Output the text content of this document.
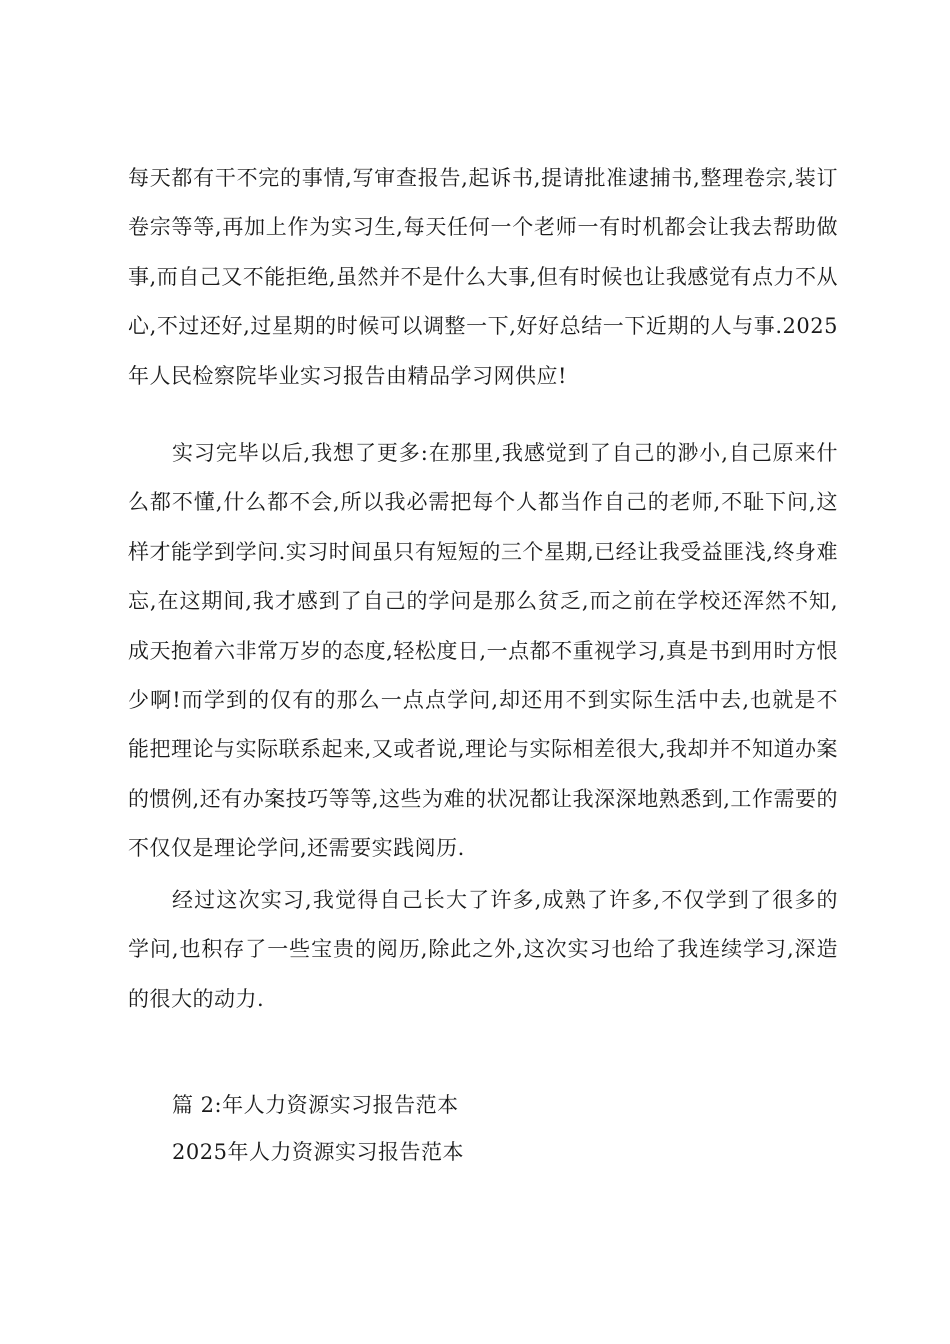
每天都有干不完的事情,写审查报告,起诉书,提请批准逮捕书,整理卷宗,装订卷宗等等,再加上作为实习生,每天任何一个老师一有时机都会让我去帮助做事,而自己又不能拒绝,虽然并不是什么大事,但有时候也让我感觉有点力不从心,不过还好,过星期的时候可以调整一下,好好总结一下近期的人与事.2025年人民检察院毕业实习报告由精品学习网供应!

实习完毕以后,我想了更多:在那里,我感觉到了自己的渺小,自己原来什么都不懂,什么都不会,所以我必需把每个人都当作自己的老师,不耻下问,这样才能学到学问.实习时间虽只有短短的三个星期,已经让我受益匪浅,终身难忘,在这期间,我才感到了自己的学问是那么贫乏,而之前在学校还浑然不知,成天抱着六非常万岁的态度,轻松度日,一点都不重视学习,真是书到用时方恨少啊!而学到的仅有的那么一点点学问,却还用不到实际生活中去,也就是不能把理论与实际联系起来,又或者说,理论与实际相差很大,我却并不知道办案的惯例,还有办案技巧等等,这些为难的状况都让我深深地熟悉到,工作需要的不仅仅是理论学问,还需要实践阅历.

经过这次实习,我觉得自己长大了许多,成熟了许多,不仅学到了很多的学问,也积存了一些宝贵的阅历,除此之外,这次实习也给了我连续学习,深造的很大的动力.

篇 2:年人力资源实习报告范本
2025年人力资源实习报告范本
